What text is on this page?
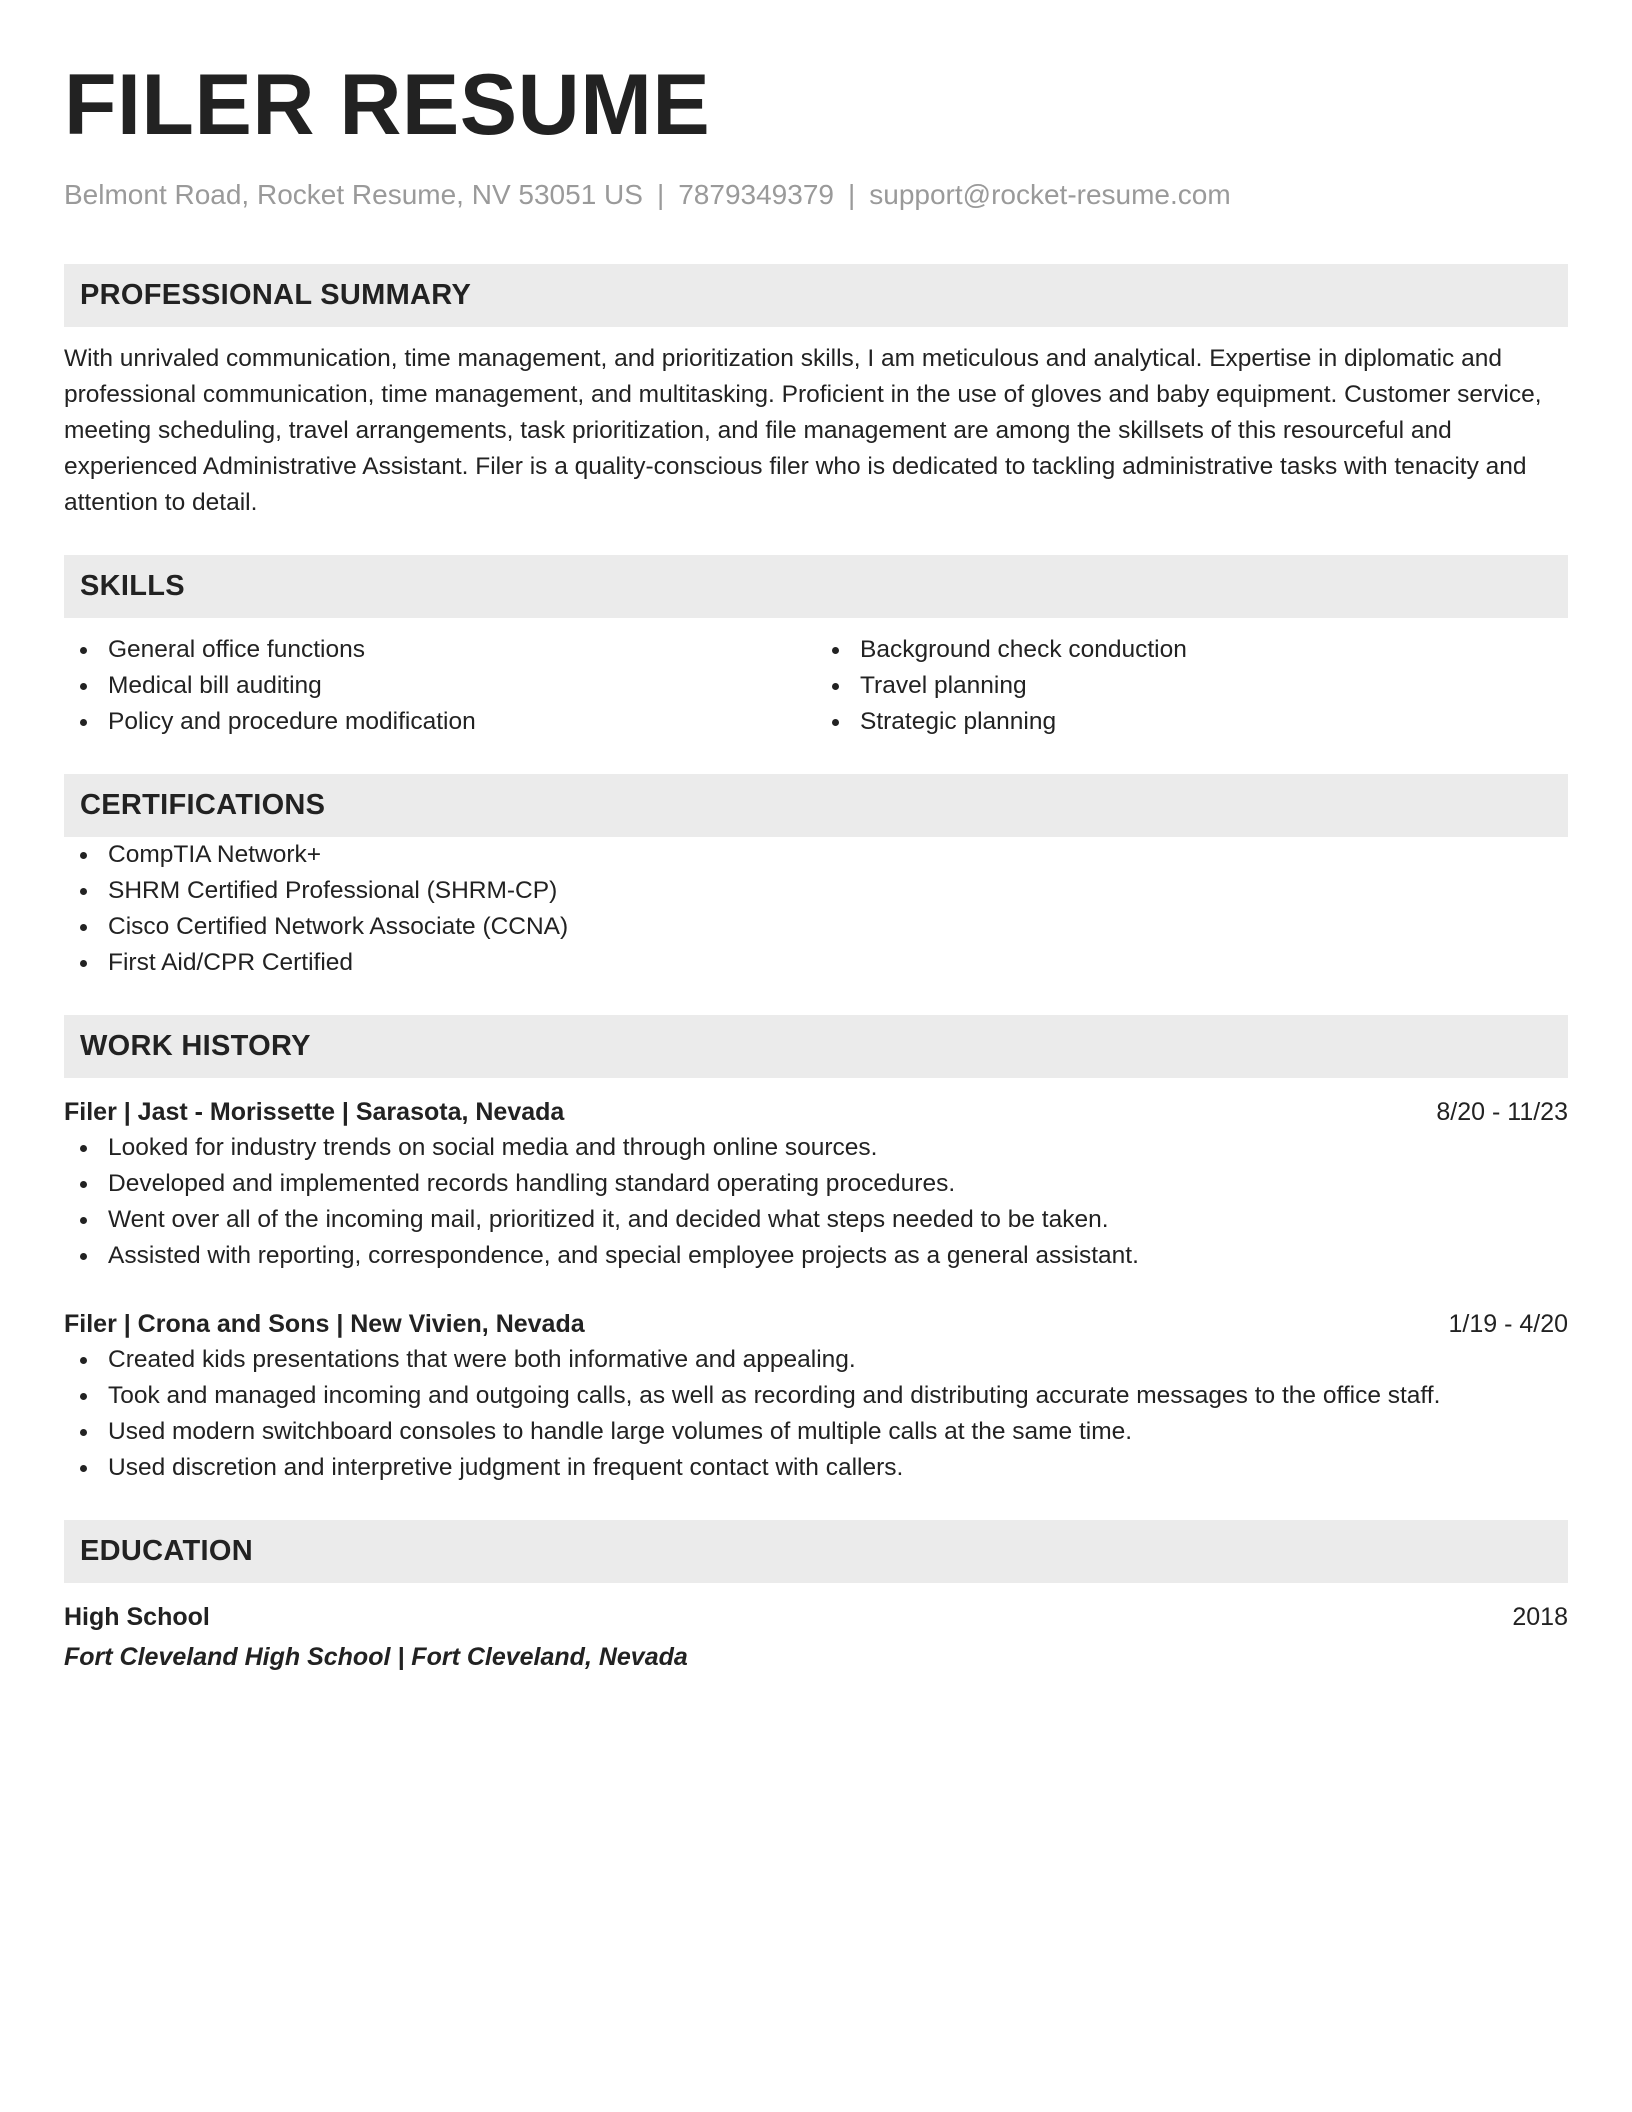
FILER RESUME
Belmont Road, Rocket Resume, NV 53051 US | 7879349379 | support@rocket-resume.com
PROFESSIONAL SUMMARY
With unrivaled communication, time management, and prioritization skills, I am meticulous and analytical. Expertise in diplomatic and professional communication, time management, and multitasking. Proficient in the use of gloves and baby equipment. Customer service, meeting scheduling, travel arrangements, task prioritization, and file management are among the skillsets of this resourceful and experienced Administrative Assistant. Filer is a quality-conscious filer who is dedicated to tackling administrative tasks with tenacity and attention to detail.
SKILLS
General office functions
Medical bill auditing
Policy and procedure modification
Background check conduction
Travel planning
Strategic planning
CERTIFICATIONS
CompTIA Network+
SHRM Certified Professional (SHRM-CP)
Cisco Certified Network Associate (CCNA)
First Aid/CPR Certified
WORK HISTORY
Filer | Jast - Morissette | Sarasota, Nevada	8/20 - 11/23
Looked for industry trends on social media and through online sources.
Developed and implemented records handling standard operating procedures.
Went over all of the incoming mail, prioritized it, and decided what steps needed to be taken.
Assisted with reporting, correspondence, and special employee projects as a general assistant.
Filer | Crona and Sons | New Vivien, Nevada	1/19 - 4/20
Created kids presentations that were both informative and appealing.
Took and managed incoming and outgoing calls, as well as recording and distributing accurate messages to the office staff.
Used modern switchboard consoles to handle large volumes of multiple calls at the same time.
Used discretion and interpretive judgment in frequent contact with callers.
EDUCATION
High School	2018
Fort Cleveland High School | Fort Cleveland, Nevada
